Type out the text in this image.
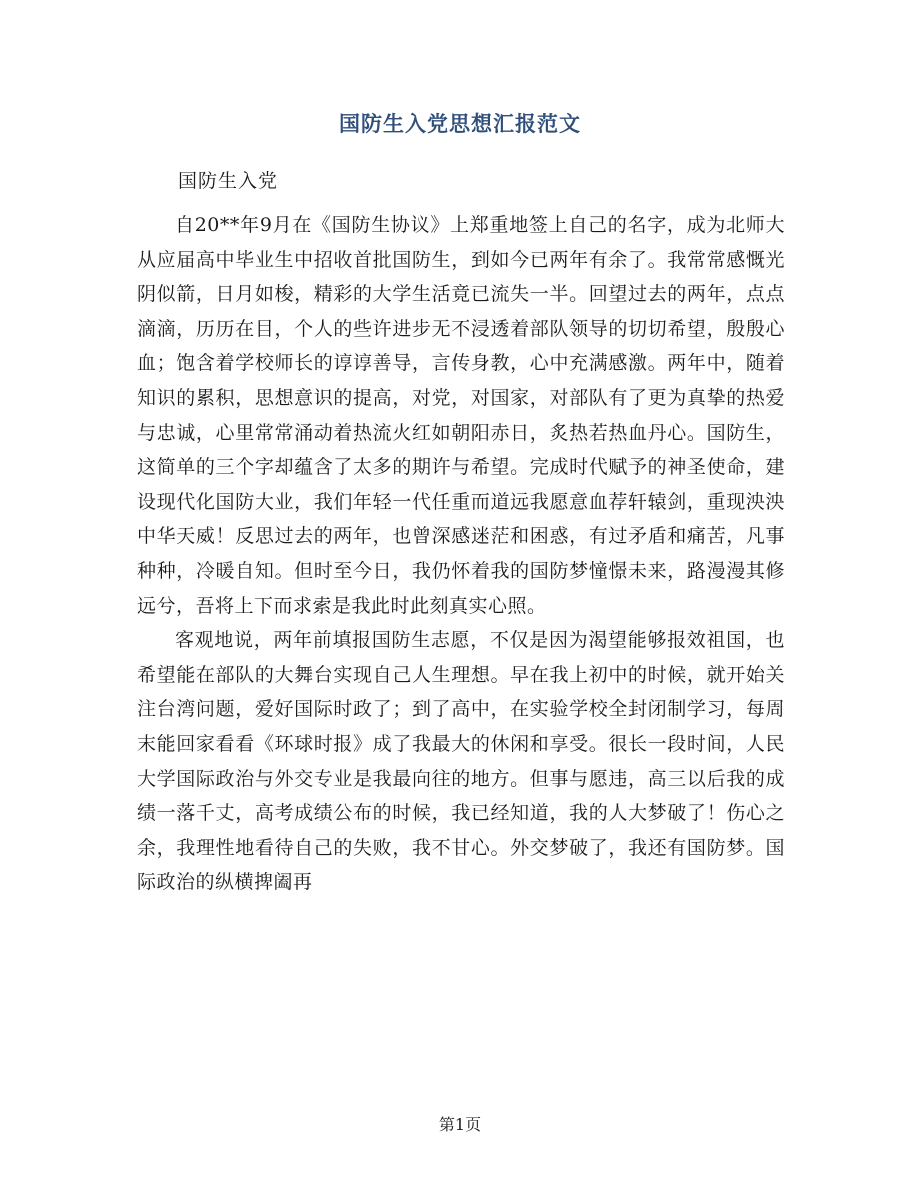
国防生入党思想汇报范文

国防生入党

自20**年9月在《国防生协议》上郑重地签上自己的名字，成为北师大从应届高中毕业生中招收首批国防生，到如今已两年有余了。我常常感慨光阴似箭，日月如梭，精彩的大学生活竟已流失一半。回望过去的两年，点点滴滴，历历在目，个人的些许进步无不浸透着部队领导的切切希望，殷殷心血；饱含着学校师长的谆谆善导，言传身教，心中充满感激。两年中，随着知识的累积，思想意识的提高，对党，对国家，对部队有了更为真挚的热爱与忠诚，心里常常涌动着热流火红如朝阳赤日，炙热若热血丹心。国防生，这简单的三个字却蕴含了太多的期许与希望。完成时代赋予的神圣使命，建设现代化国防大业，我们年轻一代任重而道远我愿意血荐轩辕剑，重现泱泱中华天威！反思过去的两年，也曾深感迷茫和困惑，有过矛盾和痛苦，凡事种种，冷暖自知。但时至今日，我仍怀着我的国防梦憧憬未来，路漫漫其修远兮，吾将上下而求索是我此时此刻真实心照。

客观地说，两年前填报国防生志愿，不仅是因为渴望能够报效祖国，也希望能在部队的大舞台实现自己人生理想。早在我上初中的时候，就开始关注台湾问题，爱好国际时政了；到了高中，在实验学校全封闭制学习，每周末能回家看看《环球时报》成了我最大的休闲和享受。很长一段时间，人民大学国际政治与外交专业是我最向往的地方。但事与愿违，高三以后我的成绩一落千丈，高考成绩公布的时候，我已经知道，我的人大梦破了！伤心之余，我理性地看待自己的失败，我不甘心。外交梦破了，我还有国防梦。国际政治的纵横捭阖再

第1页
